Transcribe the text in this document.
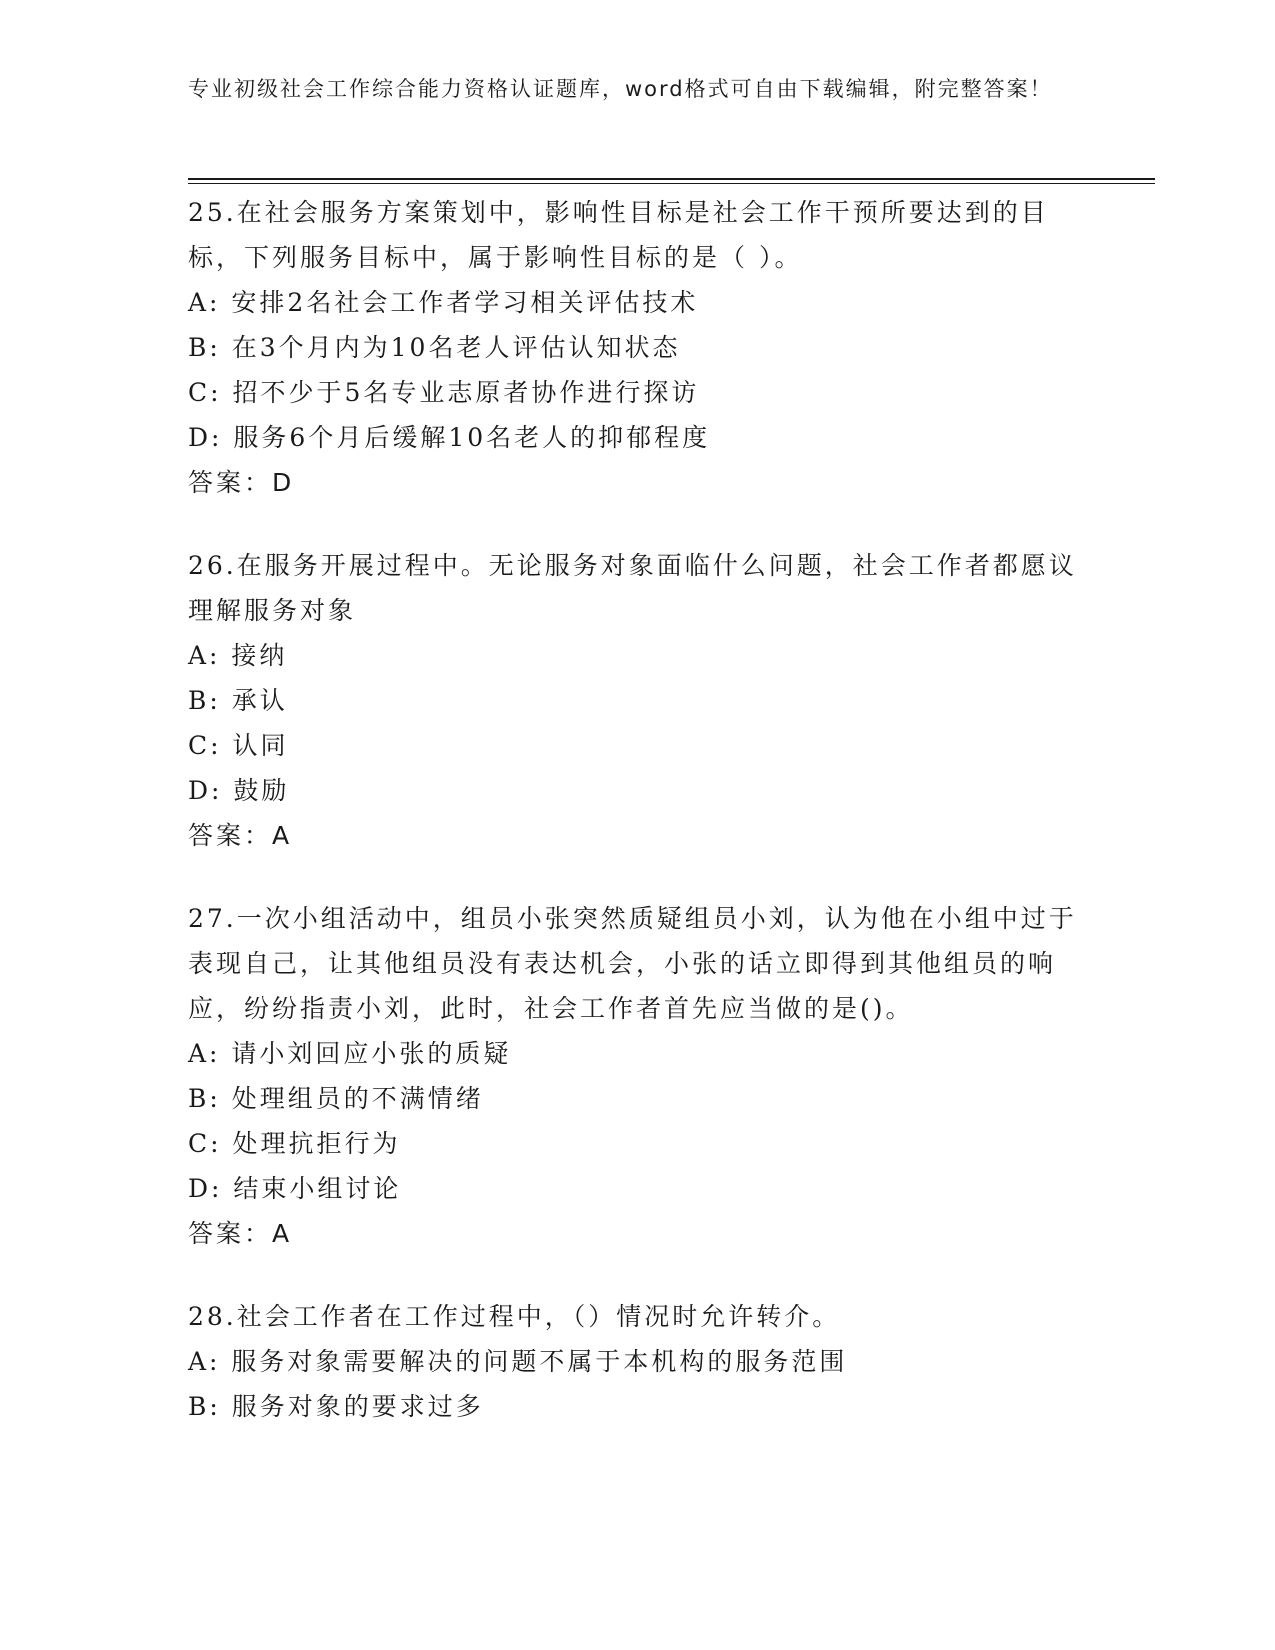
专业初级社会工作综合能力资格认证题库，word格式可自由下载编辑，附完整答案！

25.在社会服务方案策划中，影响性目标是社会工作干预所要达到的目标，下列服务目标中，属于影响性目标的是（ ）。

A: 安排2名社会工作者学习相关评估技术

B: 在3个月内为10名老人评估认知状态

C: 招不少于5名专业志原者协作进行探访

D: 服务6个月后缓解10名老人的抑郁程度

答案：D

26.在服务开展过程中。无论服务对象面临什么问题，社会工作者都愿议理解服务对象

A: 接纳

B: 承认

C: 认同

D: 鼓励

答案：A

27.一次小组活动中，组员小张突然质疑组员小刘，认为他在小组中过于表现自己，让其他组员没有表达机会，小张的话立即得到其他组员的响应，纷纷指责小刘，此时，社会工作者首先应当做的是()。

A: 请小刘回应小张的质疑

B: 处理组员的不满情绪

C: 处理抗拒行为

D: 结束小组讨论

答案：A

28.社会工作者在工作过程中，（）情况时允许转介。

A: 服务对象需要解决的问题不属于本机构的服务范围

B: 服务对象的要求过多
